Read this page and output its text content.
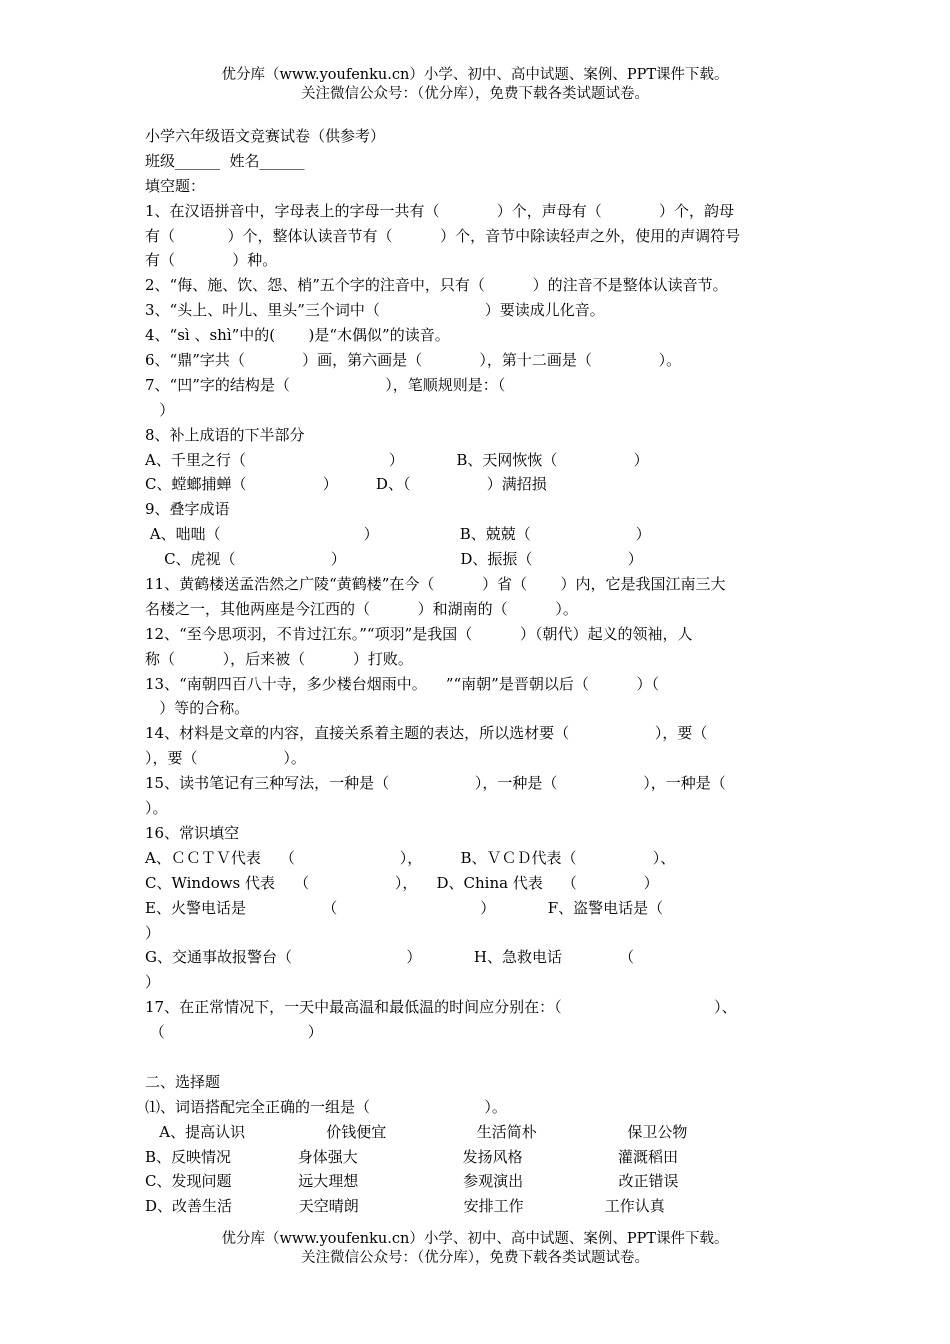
优分库（www.youfenku.cn）小学、初中、高中试题、案例、PPT课件下载。
关注微信公众号：（优分库），免费下载各类试题试卷。
小学六年级语文竞赛试卷（供参考）
班级______  姓名______
填空题：
1、在汉语拼音中，字母表上的字母一共有（            ）个，声母有（            ）个，韵母
有（           ）个，整体认读音节有（          ）个，音节中除读轻声之外，使用的声调符号
有（            ）种。
2、“侮、施、饮、怨、梢”五个字的注音中，只有（          ）的注音不是整体认读音节。
3、“头上、叶儿、里头”三个词中（                      ）要读成儿化音。
4、“sì 、shì”中的(       )是“木偶似”的读音。
6、“鼎”字共（            ）画，第六画是（            ），第十二画是（              ）。
7、“凹”字的结构是（                    ），笔顺规则是：（
）
8、补上成语的下半部分
A、千里之行（                              ）           B、天网恢恢（                ）
C、螳螂捕蝉（                ）        D、（                ）满招损
9、叠字成语
A、咄咄（                              ）                 B、兢兢（                      ）
C、虎视（                    ）                        D、振振（                    ）
11、黄鹤楼送孟浩然之广陵“黄鹤楼”在今（          ）省（       ）内，它是我国江南三大
名楼之一，其他两座是今江西的（          ）和湖南的（          ）。
12、“至今思项羽，不肯过江东。”“项羽”是我国（          ）（朝代）起义的领袖，人
称（          ），后来被（          ）打败。
13、“南朝四百八十寺，多少楼台烟雨中。    ”“南朝”是晋朝以后（          ）（
）等的合称。
14、材料是文章的内容，直接关系着主题的表达，所以选材要（                  ），要（
），要（                  ）。
15、读书笔记有三种写法，一种是（                  ），一种是（                  ），一种是（
）。
16、常识填空
A、ＣＣＴＶ代表    （                      ），        B、ＶＣＤ代表（                ）、
C、Windows 代表    （                  ），    D、China 代表    （              ）
E、火警电话是                （                              ）           F、盗警电话是（
）
G、交通事故报警台（                        ）           H、急救电话            （
）
17、在正常情况下，一天中最高温和最低温的时间应分别在：（                                ）、
（                              ）
二、选择题
⑴、词语搭配完全正确的一组是（                        ）。
A、提高认识                 价钱便宜                   生活简朴                   保卫公物
B、反映情况              身体强大                      发扬风格                    灌溉稻田
C、发现问题              远大理想                      参观演出                    改正错误
D、改善生活              天空晴朗                      安排工作                 工作认真
优分库（www.youfenku.cn）小学、初中、高中试题、案例、PPT课件下载。
关注微信公众号：（优分库），免费下载各类试题试卷。
